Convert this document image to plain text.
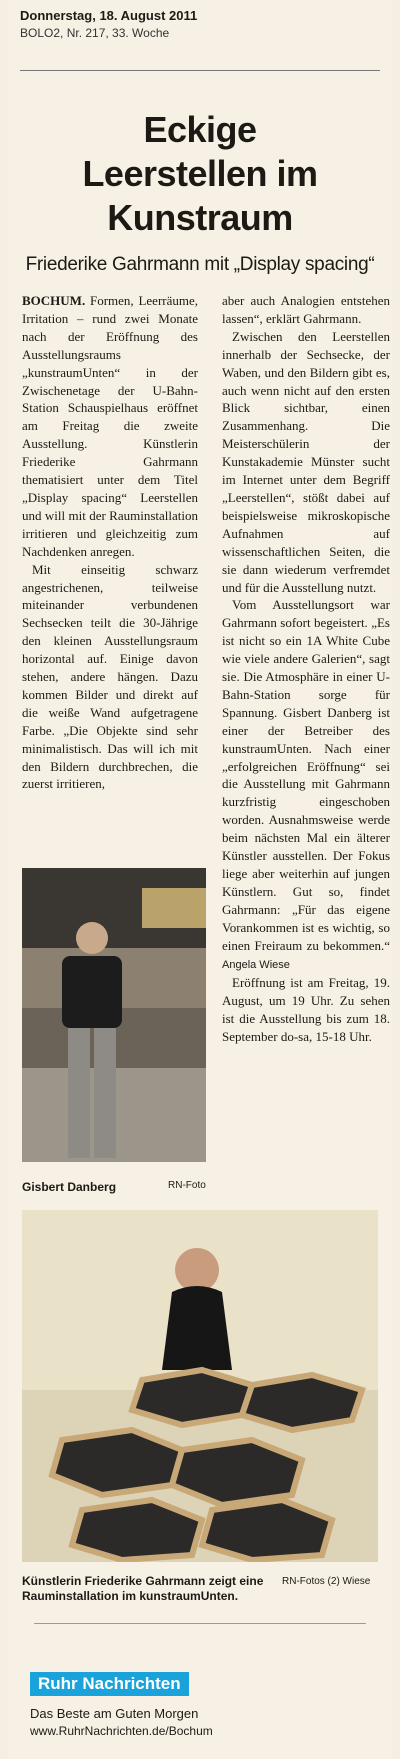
Donnerstag, 18. August 2011
BOLO2, Nr. 217, 33. Woche
Eckige
Leerstellen im
Kunstraum
Friederike Gahrmann mit „Display spacing“

BOCHUM. Formen, Leerräume, Irritation – rund zwei Monate nach der Eröffnung des Ausstellungsraums „kunstraumUnten“ in der Zwischenetage der U-Bahn-Station Schauspielhaus eröffnet am Freitag die zweite Ausstellung. Künstlerin Friederike Gahrmann thematisiert unter dem Titel „Display spacing“ Leerstellen und will mit der Rauminstallation irritieren und gleichzeitig zum Nachdenken anregen.

Mit einseitig schwarz angestrichenen, teilweise miteinander verbundenen Sechsecken teilt die 30-Jährige den kleinen Ausstellungsraum horizontal auf. Einige davon stehen, andere hängen. Dazu kommen Bilder und direkt auf die weiße Wand aufgetragene Farbe. „Die Objekte sind sehr minimalistisch. Das will ich mit den Bildern durchbrechen, die zuerst irritieren,

aber auch Analogien entstehen lassen“, erklärt Gahrmann.

Zwischen den Leerstellen innerhalb der Sechsecke, der Waben, und den Bildern gibt es, auch wenn nicht auf den ersten Blick sichtbar, einen Zusammenhang. Die Meisterschülerin der Kunstakademie Münster sucht im Internet unter dem Begriff „Leerstellen“, stößt dabei auf beispielsweise mikroskopische Aufnahmen auf wissenschaftlichen Seiten, die sie dann wiederum verfremdet und für die Ausstellung nutzt.

Vom Ausstellungsort war Gahrmann sofort begeistert. „Es ist nicht so ein 1A White Cube wie viele andere Galerien“, sagt sie. Die Atmosphäre in einer U-Bahn-Station sorge für Spannung. Gisbert Danberg ist einer der Betreiber des kunstraumUnten. Nach einer „erfolgreichen Eröffnung“ sei die Ausstellung mit Gahrmann kurzfristig eingeschoben worden. Ausnahmsweise werde beim nächsten Mal ein älterer Künstler ausstellen. Der Fokus liege aber weiterhin auf jungen Künstlern. Gut so, findet Gahrmann: „Für das eigene Vorankommen ist es wichtig, so einen Freiraum zu bekommen.“ Angela Wiese

Eröffnung ist am Freitag, 19. August, um 19 Uhr. Zu sehen ist die Ausstellung bis zum 18. September do-sa, 15-18 Uhr.

Gisbert Danberg	RN-Foto
Künstlerin Friederike Gahrmann zeigt eine Rauminstallation im kunstraumUnten.
RN-Fotos (2) Wiese
Ruhr Nachrichten
Das Beste am Guten Morgen
www.RuhrNachrichten.de/Bochum
